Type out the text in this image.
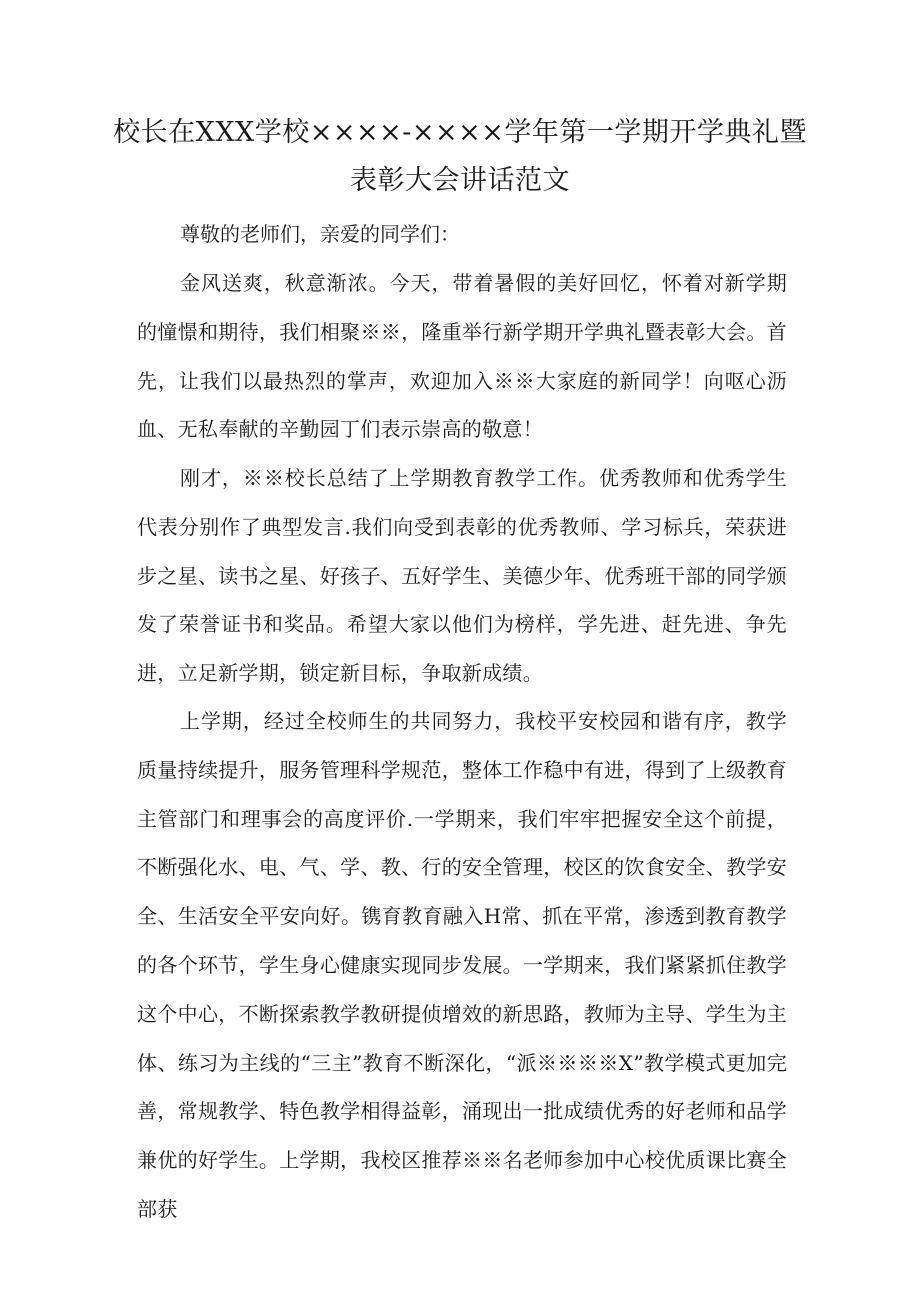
校长在XXX学校××××-××××学年第一学期开学典礼暨
表彰大会讲话范文
尊敬的老师们，亲爱的同学们：
金风送爽，秋意渐浓。今天，带着暑假的美好回忆，怀着对新学期的憧憬和期待，我们相聚※※，隆重举行新学期开学典礼暨表彰大会。首先，让我们以最热烈的掌声，欢迎加入※※大家庭的新同学！向呕心沥血、无私奉献的辛勤园丁们表示崇高的敬意！
刚才，※※校长总结了上学期教育教学工作。优秀教师和优秀学生代表分别作了典型发言.我们向受到表彰的优秀教师、学习标兵，荣获进步之星、读书之星、好孩子、五好学生、美德少年、优秀班干部的同学颁发了荣誉证书和奖品。希望大家以他们为榜样，学先进、赶先进、争先进，立足新学期，锁定新目标，争取新成绩。
上学期，经过全校师生的共同努力，我校平安校园和谐有序，教学质量持续提升，服务管理科学规范，整体工作稳中有进，得到了上级教育主管部门和理事会的高度评价.一学期来，我们牢牢把握安全这个前提，不断强化水、电、气、学、教、行的安全管理，校区的饮食安全、教学安全、生活安全平安向好。镌育教育融入H常、抓在平常，渗透到教育教学的各个环节，学生身心健康实现同步发展。一学期来，我们紧紧抓住教学这个中心，不断探索教学教研提侦增效的新思路，教师为主导、学生为主体、练习为主线的“三主”教育不断深化，“派※※※※X”教学模式更加完善，常规教学、特色教学相得益彰，涌现出一批成绩优秀的好老师和品学兼优的好学生。上学期，我校区推荐※※名老师参加中心校优质课比赛全部获
